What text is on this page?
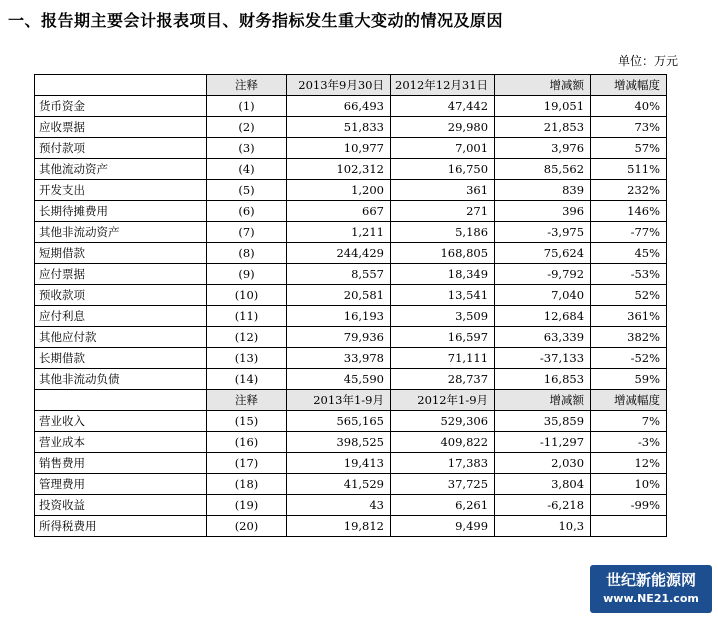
一、报告期主要会计报表项目、财务指标发生重大变动的情况及原因
单位：万元
	注释	2013年9月30日	2012年12月31日	增减额	增减幅度
货币资金	(1)	66,493	47,442	19,051	40%
应收票据	(2)	51,833	29,980	21,853	73%
预付款项	(3)	10,977	7,001	3,976	57%
其他流动资产	(4)	102,312	16,750	85,562	511%
开发支出	(5)	1,200	361	839	232%
长期待摊费用	(6)	667	271	396	146%
其他非流动资产	(7)	1,211	5,186	-3,975	-77%
短期借款	(8)	244,429	168,805	75,624	45%
应付票据	(9)	8,557	18,349	-9,792	-53%
预收款项	(10)	20,581	13,541	7,040	52%
应付利息	(11)	16,193	3,509	12,684	361%
其他应付款	(12)	79,936	16,597	63,339	382%
长期借款	(13)	33,978	71,111	-37,133	-52%
其他非流动负债	(14)	45,590	28,737	16,853	59%
	注释	2013年1-9月	2012年1-9月	增减额	增减幅度
营业收入	(15)	565,165	529,306	35,859	7%
营业成本	(16)	398,525	409,822	-11,297	-3%
销售费用	(17)	19,413	17,383	2,030	12%
管理费用	(18)	41,529	37,725	3,804	10%
投资收益	(19)	43	6,261	-6,218	-99%
所得税费用	(20)	19,812	9,499	10,3	
世纪新能源网
www.NE21.com
